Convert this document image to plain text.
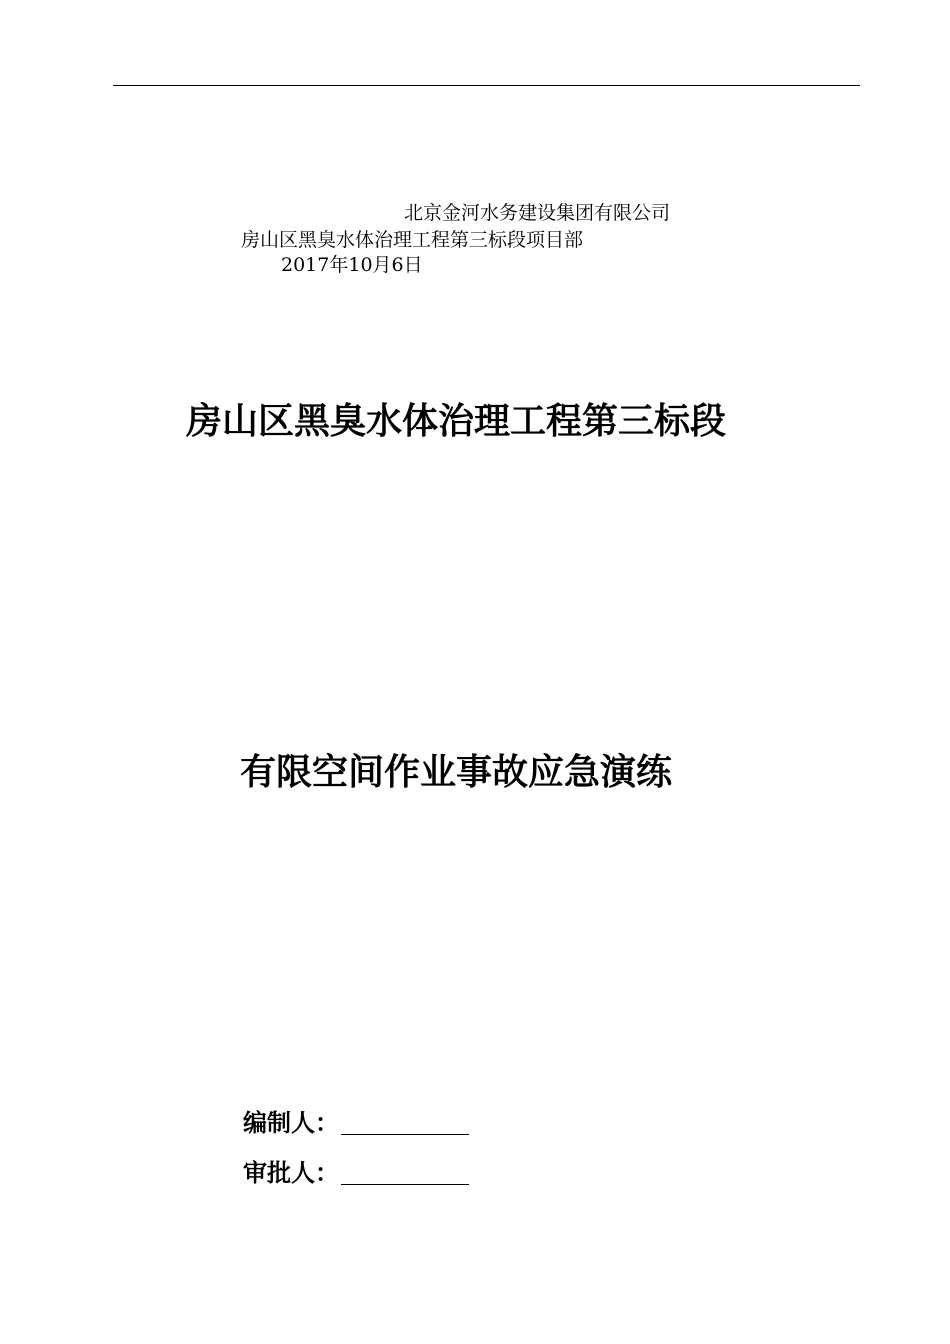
北京金河水务建设集团有限公司
房山区黑臭水体治理工程第三标段项目部
2017年10月6日
房山区黑臭水体治理工程第三标段
有限空间作业事故应急演练
编制人：
审批人：
